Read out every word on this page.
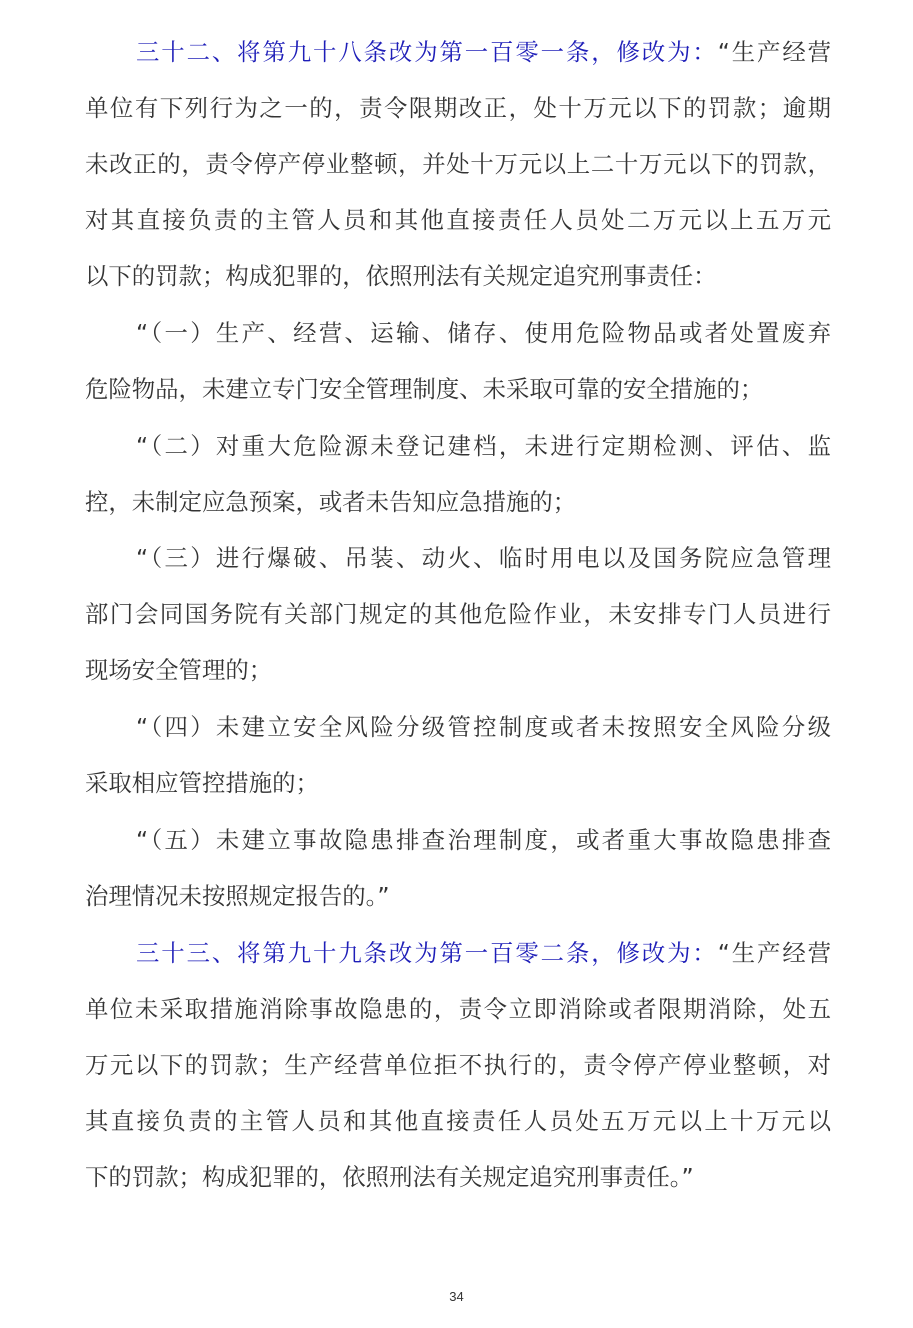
三十二、将第九十八条改为第一百零一条，修改为：“生产经营
单位有下列行为之一的，责令限期改正，处十万元以下的罚款；逾期
未改正的，责令停产停业整顿，并处十万元以上二十万元以下的罚款，
对其直接负责的主管人员和其他直接责任人员处二万元以上五万元
以下的罚款；构成犯罪的，依照刑法有关规定追究刑事责任：
“（一）生产、经营、运输、储存、使用危险物品或者处置废弃
危险物品，未建立专门安全管理制度、未采取可靠的安全措施的；
“（二）对重大危险源未登记建档，未进行定期检测、评估、监
控，未制定应急预案，或者未告知应急措施的；
“（三）进行爆破、吊装、动火、临时用电以及国务院应急管理
部门会同国务院有关部门规定的其他危险作业，未安排专门人员进行
现场安全管理的；
“（四）未建立安全风险分级管控制度或者未按照安全风险分级
采取相应管控措施的；
“（五）未建立事故隐患排查治理制度，或者重大事故隐患排查
治理情况未按照规定报告的。”
三十三、将第九十九条改为第一百零二条，修改为：“生产经营
单位未采取措施消除事故隐患的，责令立即消除或者限期消除，处五
万元以下的罚款；生产经营单位拒不执行的，责令停产停业整顿，对
其直接负责的主管人员和其他直接责任人员处五万元以上十万元以
下的罚款；构成犯罪的，依照刑法有关规定追究刑事责任。”
34
